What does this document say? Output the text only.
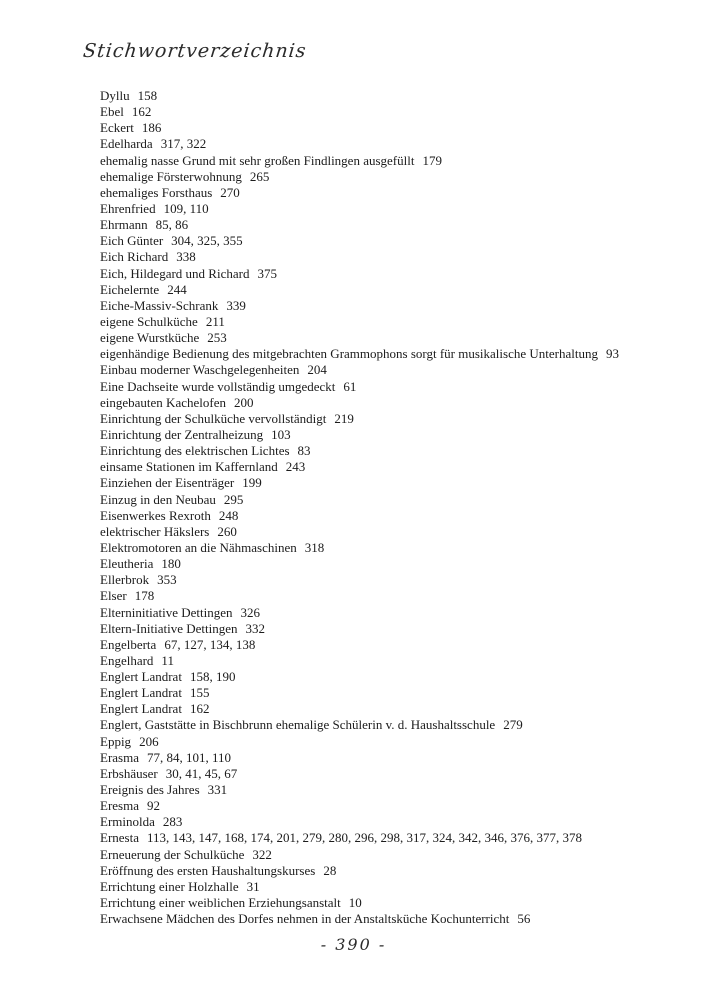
Stichwortverzeichnis
Dyllu 158
Ebel 162
Eckert 186
Edelharda 317, 322
ehemalig nasse Grund mit sehr großen Findlingen ausgefüllt 179
ehemalige Försterwohnung 265
ehemaliges Forsthaus 270
Ehrenfried 109, 110
Ehrmann 85, 86
Eich Günter 304, 325, 355
Eich Richard 338
Eich, Hildegard und Richard 375
Eichelernte 244
Eiche-Massiv-Schrank 339
eigene Schulküche 211
eigene Wurstküche 253
eigenhändige Bedienung des mitgebrachten Grammophons sorgt für musikalische Unterhaltung 93
Einbau moderner Waschgelegenheiten 204
Eine Dachseite wurde vollständig umgedeckt 61
eingebauten Kachelofen 200
Einrichtung der Schulküche vervollständigt 219
Einrichtung der Zentralheizung 103
Einrichtung des elektrischen Lichtes 83
einsame Stationen im Kaffernland 243
Einziehen der Eisenträger 199
Einzug in den Neubau 295
Eisenwerkes Rexroth 248
elektrischer Häkslers 260
Elektromotoren an die Nähmaschinen 318
Eleutheria 180
Ellerbrok 353
Elser 178
Elterninitiative Dettingen 326
Eltern-Initiative Dettingen 332
Engelberta 67, 127, 134, 138
Engelhard 11
Englert Landrat 158, 190
Englert Landrat 155
Englert Landrat 162
Englert, Gaststätte in Bischbrunn ehemalige Schülerin v. d. Haushaltsschule 279
Eppig 206
Erasma 77, 84, 101, 110
Erbshäuser 30, 41, 45, 67
Ereignis des Jahres 331
Eresma 92
Erminolda 283
Ernesta 113, 143, 147, 168, 174, 201, 279, 280, 296, 298, 317, 324, 342, 346, 376, 377, 378
Erneuerung der Schulküche 322
Eröffnung des ersten Haushaltungskurses 28
Errichtung einer Holzhalle 31
Errichtung einer weiblichen Erziehungsanstalt 10
Erwachsene Mädchen des Dorfes nehmen in der Anstaltsküche Kochunterricht 56
- 390 -
